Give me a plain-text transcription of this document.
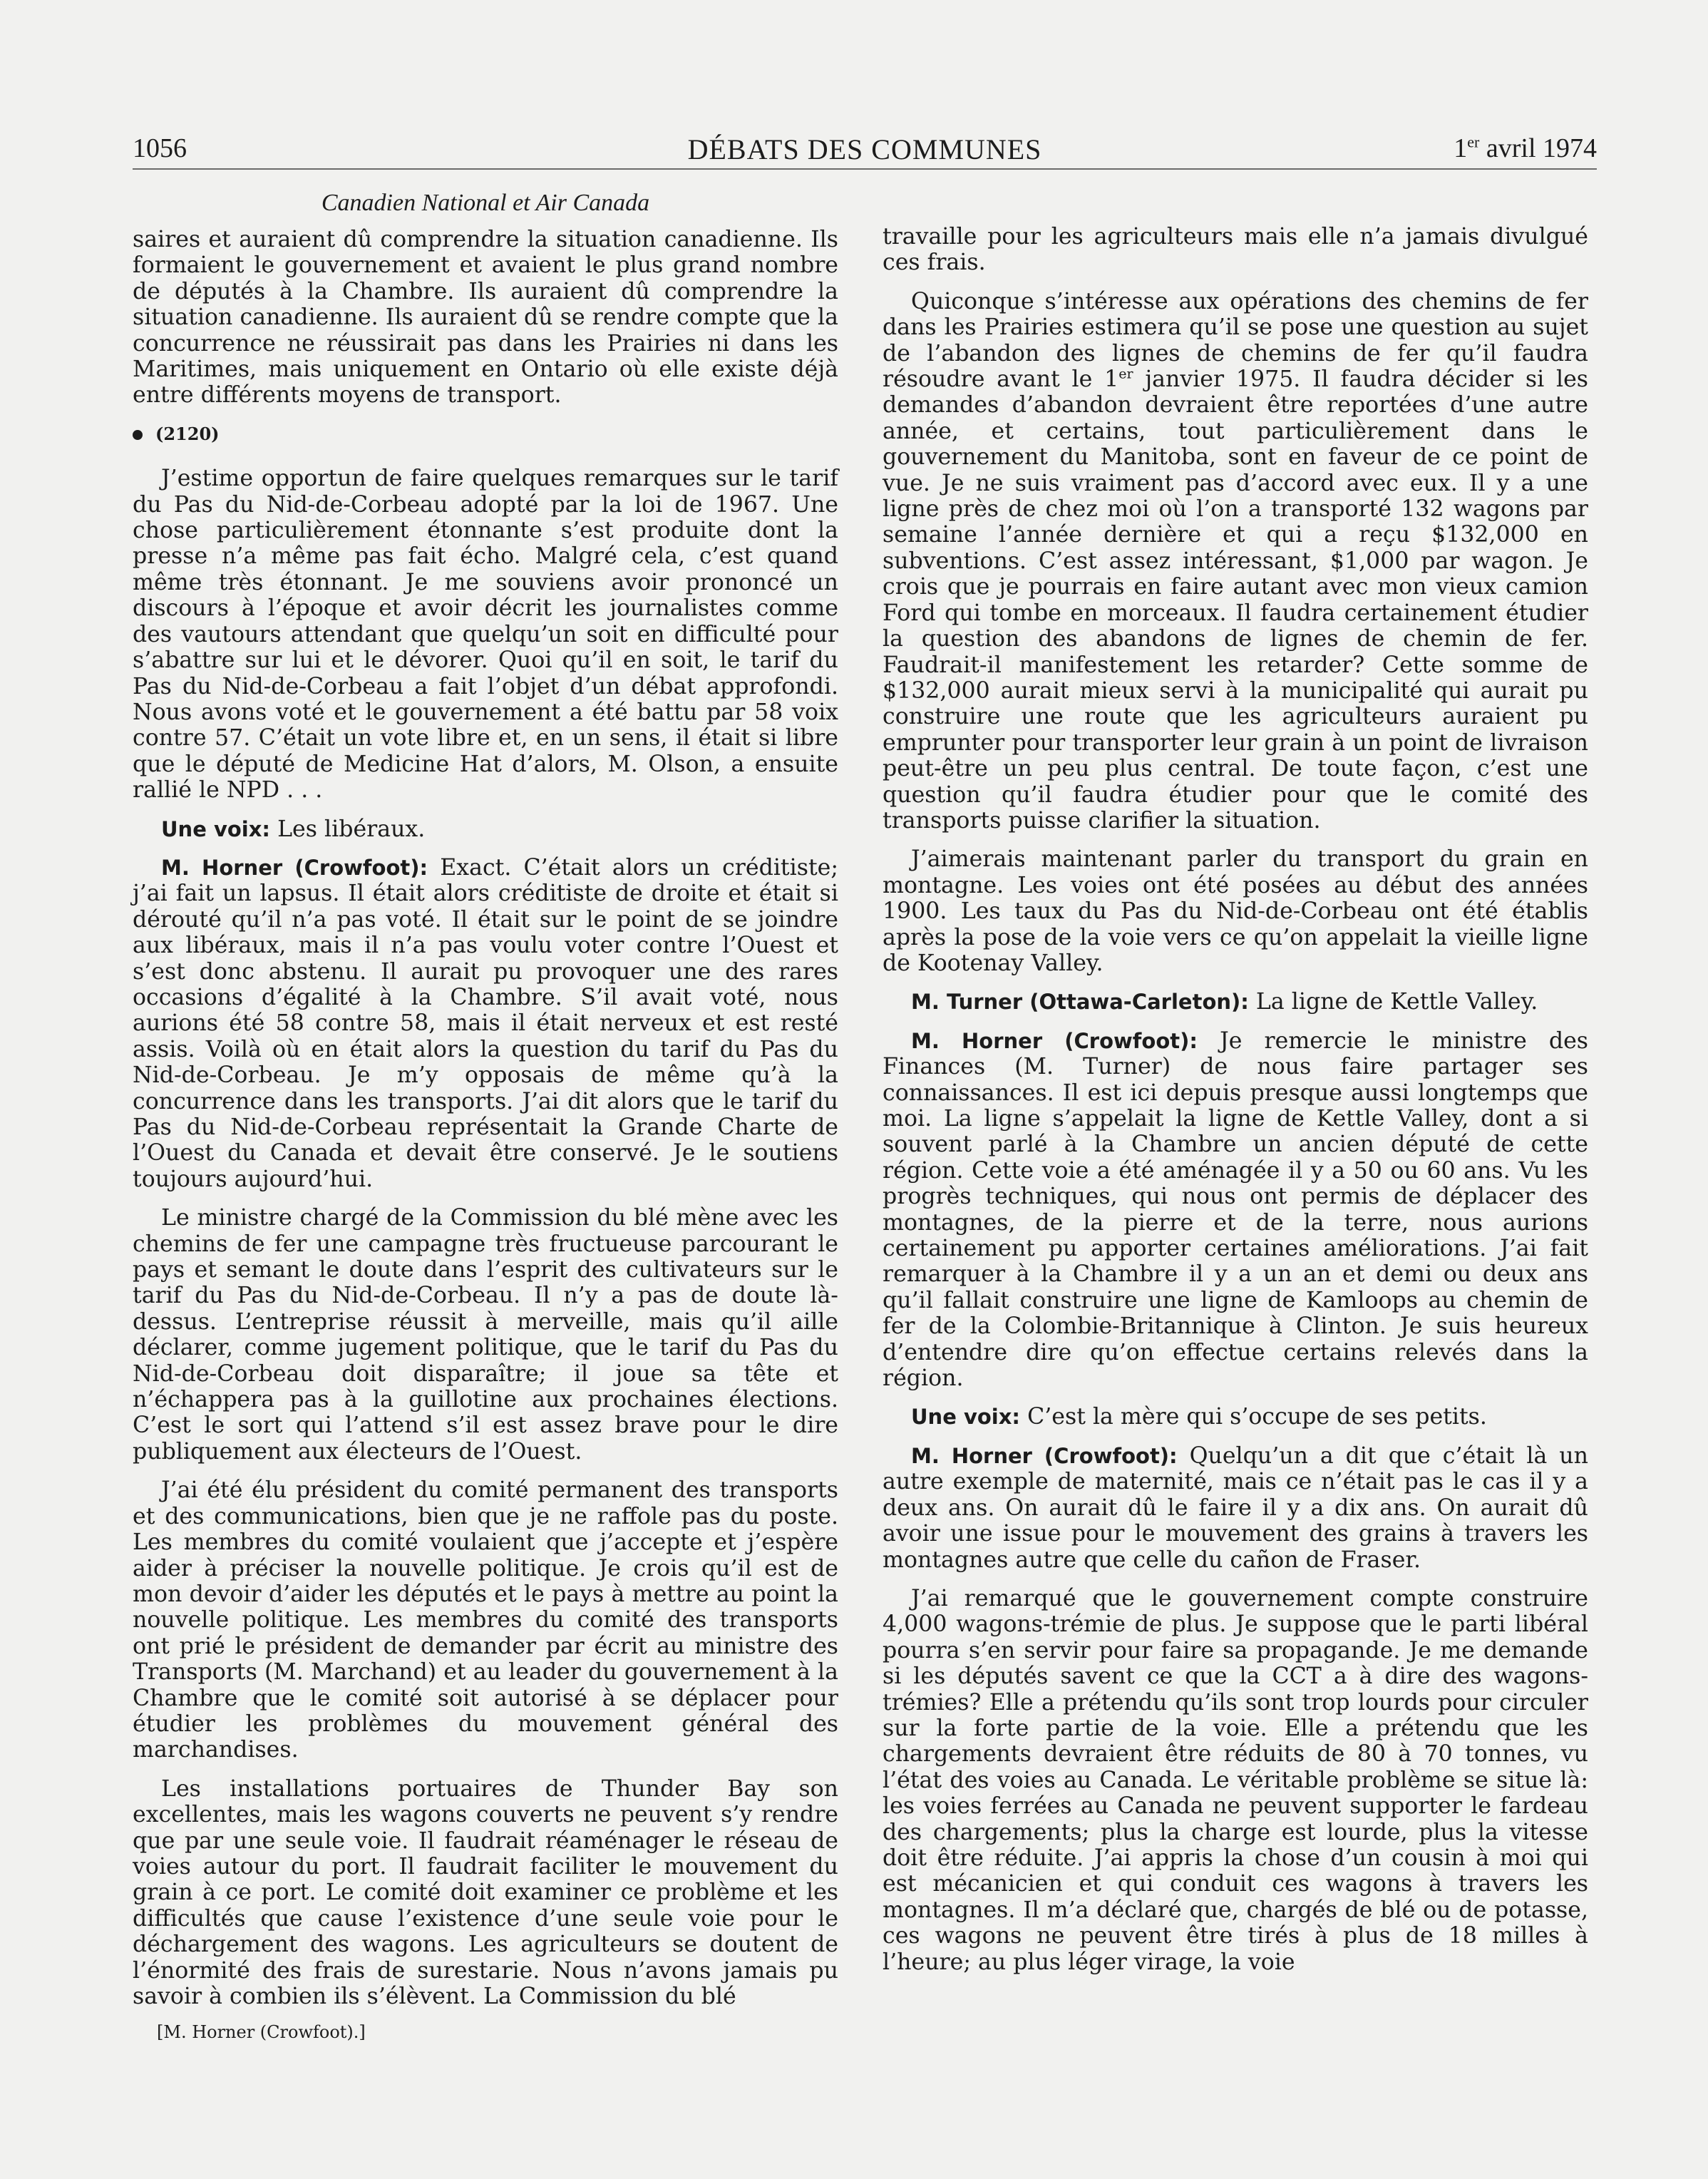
1056	DÉBATS DES COMMUNES	1er avril 1974
Canadien National et Air Canada

saires et auraient dû comprendre la situation canadienne. Ils formaient le gouvernement et avaient le plus grand nombre de députés à la Chambre. Ils auraient dû comprendre la situation canadienne. Ils auraient dû se rendre compte que la concurrence ne réussirait pas dans les Prairies ni dans les Maritimes, mais uniquement en Ontario où elle existe déjà entre différents moyens de transport.

(2120)

J’estime opportun de faire quelques remarques sur le tarif du Pas du Nid-de-Corbeau adopté par la loi de 1967. Une chose particulièrement étonnante s’est produite dont la presse n’a même pas fait écho. Malgré cela, c’est quand même très étonnant. Je me souviens avoir prononcé un discours à l’époque et avoir décrit les journalistes comme des vautours attendant que quelqu’un soit en difficulté pour s’abattre sur lui et le dévorer. Quoi qu’il en soit, le tarif du Pas du Nid-de-Corbeau a fait l’objet d’un débat approfondi. Nous avons voté et le gouvernement a été battu par 58 voix contre 57. C’était un vote libre et, en un sens, il était si libre que le député de Medicine Hat d’alors, M. Olson, a ensuite rallié le NPD . . .

Une voix: Les libéraux.

M. Horner (Crowfoot): Exact. C’était alors un créditiste; j’ai fait un lapsus. Il était alors créditiste de droite et était si dérouté qu’il n’a pas voté. Il était sur le point de se joindre aux libéraux, mais il n’a pas voulu voter contre l’Ouest et s’est donc abstenu. Il aurait pu provoquer une des rares occasions d’égalité à la Chambre. S’il avait voté, nous aurions été 58 contre 58, mais il était nerveux et est resté assis. Voilà où en était alors la question du tarif du Pas du Nid-de-Corbeau. Je m’y opposais de même qu’à la concurrence dans les transports. J’ai dit alors que le tarif du Pas du Nid-de-Corbeau représentait la Grande Charte de l’Ouest du Canada et devait être conservé. Je le soutiens toujours aujourd’hui.

Le ministre chargé de la Commission du blé mène avec les chemins de fer une campagne très fructueuse parcourant le pays et semant le doute dans l’esprit des cultivateurs sur le tarif du Pas du Nid-de-Corbeau. Il n’y a pas de doute là-dessus. L’entreprise réussit à merveille, mais qu’il aille déclarer, comme jugement politique, que le tarif du Pas du Nid-de-Corbeau doit disparaître; il joue sa tête et n’échappera pas à la guillotine aux prochaines élections. C’est le sort qui l’attend s’il est assez brave pour le dire publiquement aux électeurs de l’Ouest.

J’ai été élu président du comité permanent des transports et des communications, bien que je ne raffole pas du poste. Les membres du comité voulaient que j’accepte et j’espère aider à préciser la nouvelle politique. Je crois qu’il est de mon devoir d’aider les députés et le pays à mettre au point la nouvelle politique. Les membres du comité des transports ont prié le président de demander par écrit au ministre des Transports (M. Marchand) et au leader du gouvernement à la Chambre que le comité soit autorisé à se déplacer pour étudier les problèmes du mouvement général des marchandises.

Les installations portuaires de Thunder Bay son excellentes, mais les wagons couverts ne peuvent s’y rendre que par une seule voie. Il faudrait réaménager le réseau de voies autour du port. Il faudrait faciliter le mouvement du grain à ce port. Le comité doit examiner ce problème et les difficultés que cause l’existence d’une seule voie pour le déchargement des wagons. Les agriculteurs se doutent de l’énormité des frais de surestarie. Nous n’avons jamais pu savoir à combien ils s’élèvent. La Commission du blé

travaille pour les agriculteurs mais elle n’a jamais divulgué ces frais.

Quiconque s’intéresse aux opérations des chemins de fer dans les Prairies estimera qu’il se pose une question au sujet de l’abandon des lignes de chemins de fer qu’il faudra résoudre avant le 1er janvier 1975. Il faudra décider si les demandes d’abandon devraient être reportées d’une autre année, et certains, tout particulièrement dans le gouvernement du Manitoba, sont en faveur de ce point de vue. Je ne suis vraiment pas d’accord avec eux. Il y a une ligne près de chez moi où l’on a transporté 132 wagons par semaine l’année dernière et qui a reçu $132,000 en subventions. C’est assez intéressant, $1,000 par wagon. Je crois que je pourrais en faire autant avec mon vieux camion Ford qui tombe en morceaux. Il faudra certainement étudier la question des abandons de lignes de chemin de fer. Faudrait-il manifestement les retarder? Cette somme de $132,000 aurait mieux servi à la municipalité qui aurait pu construire une route que les agriculteurs auraient pu emprunter pour transporter leur grain à un point de livraison peut-être un peu plus central. De toute façon, c’est une question qu’il faudra étudier pour que le comité des transports puisse clarifier la situation.

J’aimerais maintenant parler du transport du grain en montagne. Les voies ont été posées au début des années 1900. Les taux du Pas du Nid-de-Corbeau ont été établis après la pose de la voie vers ce qu’on appelait la vieille ligne de Kootenay Valley.

M. Turner (Ottawa-Carleton): La ligne de Kettle Valley.

M. Horner (Crowfoot): Je remercie le ministre des Finances (M. Turner) de nous faire partager ses connaissances. Il est ici depuis presque aussi longtemps que moi. La ligne s’appelait la ligne de Kettle Valley, dont a si souvent parlé à la Chambre un ancien député de cette région. Cette voie a été aménagée il y a 50 ou 60 ans. Vu les progrès techniques, qui nous ont permis de déplacer des montagnes, de la pierre et de la terre, nous aurions certainement pu apporter certaines améliorations. J’ai fait remarquer à la Chambre il y a un an et demi ou deux ans qu’il fallait construire une ligne de Kamloops au chemin de fer de la Colombie-Britannique à Clinton. Je suis heureux d’entendre dire qu’on effectue certains relevés dans la région.

Une voix: C’est la mère qui s’occupe de ses petits.

M. Horner (Crowfoot): Quelqu’un a dit que c’était là un autre exemple de maternité, mais ce n’était pas le cas il y a deux ans. On aurait dû le faire il y a dix ans. On aurait dû avoir une issue pour le mouvement des grains à travers les montagnes autre que celle du cañon de Fraser.

J’ai remarqué que le gouvernement compte construire 4,000 wagons-trémie de plus. Je suppose que le parti libéral pourra s’en servir pour faire sa propagande. Je me demande si les députés savent ce que la CCT a à dire des wagons-trémies? Elle a prétendu qu’ils sont trop lourds pour circuler sur la forte partie de la voie. Elle a prétendu que les chargements devraient être réduits de 80 à 70 tonnes, vu l’état des voies au Canada. Le véritable problème se situe là: les voies ferrées au Canada ne peuvent supporter le fardeau des chargements; plus la charge est lourde, plus la vitesse doit être réduite. J’ai appris la chose d’un cousin à moi qui est mécanicien et qui conduit ces wagons à travers les montagnes. Il m’a déclaré que, chargés de blé ou de potasse, ces wagons ne peuvent être tirés à plus de 18 milles à l’heure; au plus léger virage, la voie

[M. Horner (Crowfoot).]
